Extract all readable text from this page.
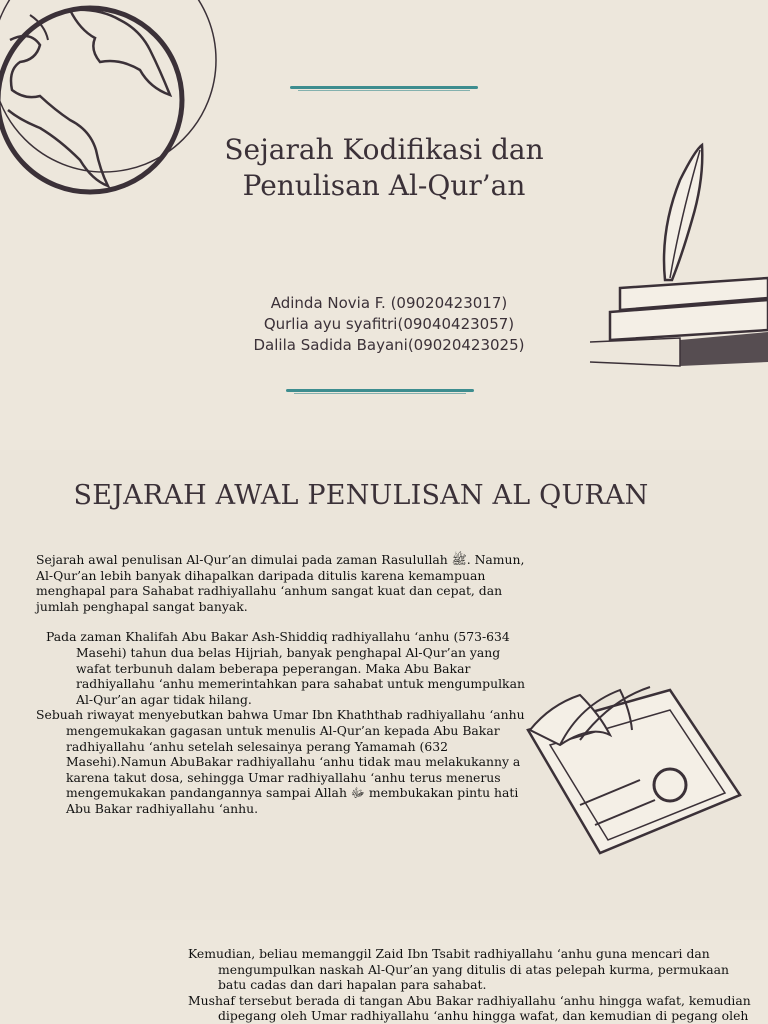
Sejarah Kodifikasi dan
Penulisan Al-Qur’an
Adinda Novia F. (09020423017)
Qurlia ayu syafitri(09040423057)
Dalila Sadida Bayani(09020423025)
SEJARAH AWAL PENULISAN AL QURAN

Sejarah awal penulisan Al-Qur’an dimulai pada zaman Rasulullah ﷺ. Namun, Al-Qur’an lebih banyak dihapalkan daripada ditulis karena kemampuan menghapal para Sahabat radhiyallahu ‘anhum sangat kuat dan cepat, dan jumlah penghapal sangat banyak.

Pada zaman Khalifah Abu Bakar Ash-Shiddiq radhiyallahu ‘anhu (573-634 Masehi) tahun dua belas Hijriah, banyak penghapal Al-Qur’an yang wafat terbunuh dalam beberapa peperangan. Maka Abu Bakar radhiyallahu ‘anhu memerintahkan para sahabat untuk mengumpulkan Al-Qur’an agar tidak hilang.

Sebuah riwayat menyebutkan bahwa Umar Ibn Khaththab radhiyallahu ‘anhu mengemukakan gagasan untuk menulis Al-Qur’an kepada Abu Bakar radhiyallahu ‘anhu setelah selesainya perang Yamamah (632 Masehi).Namun AbuBakar radhiyallahu ‘anhu tidak mau melakukanny a karena takut dosa, sehingga Umar radhiyallahu ‘anhu terus menerus mengemukakan pandangannya sampai Allah ﷻ membukakan pintu hati Abu Bakar radhiyallahu ‘anhu.

Kemudian, beliau memanggil Zaid Ibn Tsabit radhiyallahu ‘anhu guna mencari dan mengumpulkan naskah Al-Qur’an yang ditulis di atas pelepah kurma, permukaan batu cadas dan dari hapalan para sahabat.

Mushaf tersebut berada di tangan Abu Bakar radhiyallahu ‘anhu hingga wafat, kemudian dipegang oleh Umar radhiyallahu ‘anhu hingga wafat, dan kemudian di pegang oleh
